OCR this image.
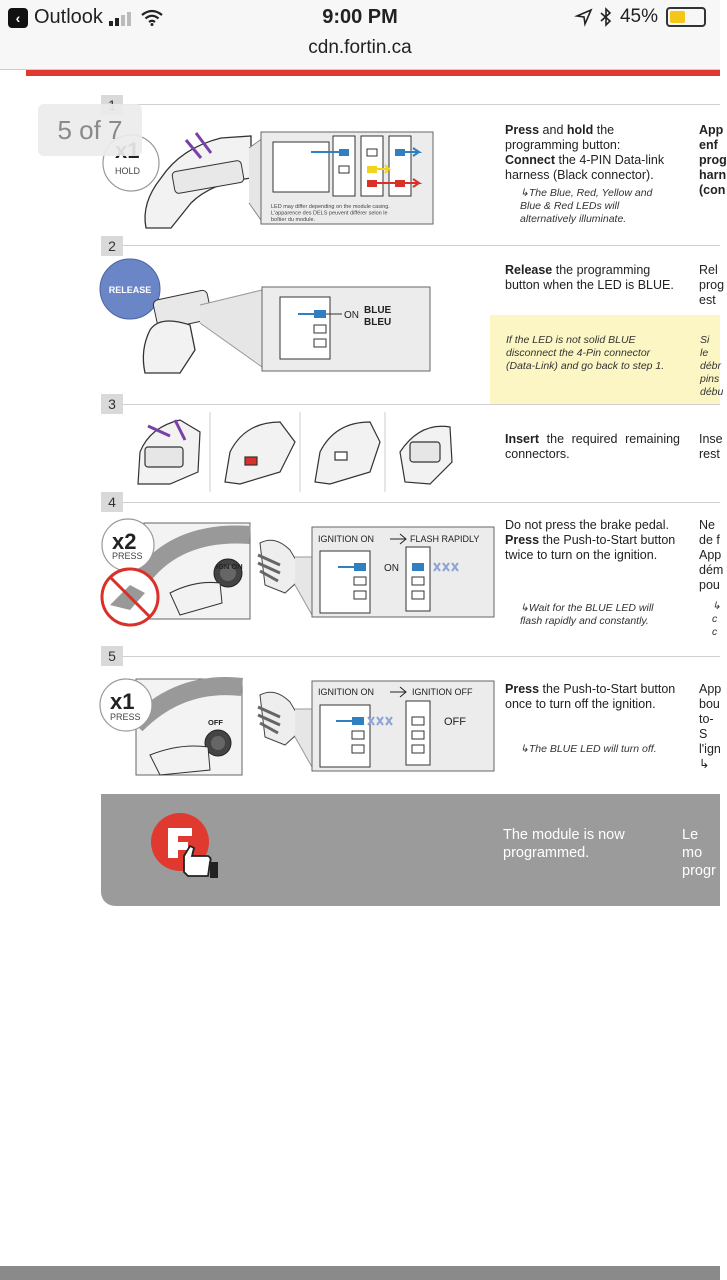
‹ Outlook	9:00 PM	45%
cdn.fortin.ca
LED may differ depending on the module casing. L'apparence des DELS peuvent différer selon le boîtier du module.
HOLD
Press and hold the programming button:
Connect the 4-PIN Data-link harness (Black connector).
↳The Blue, Red, Yellow and Blue & Red LEDs will alternatively illuminate.
App
enf
prog
harn
(con
2
RELEASE
ON BLUE
BLEU
Release the programming button when the LED is BLUE.
Rel
prog
est
If the LED is not solid BLUE disconnect the 4-Pin connector (Data-Link) and go back to step 1.
Si le
débr
pins
débu
3
Insert the required remaining connectors.
Inse
rest
4
x2
PRESS
IGN ON
IGNITION ON	FLASH RAPIDLY
ON
Do not press the brake pedal.
Press the Push-to-Start button twice to turn on the ignition.
↳Wait for the BLUE LED will flash rapidly and constantly.
Ne
de f
App
dém
pou
↳
c
c
5
x1
PRESS
OFF
IGNITION ON	IGNITION OFF
OFF
Press the Push-to-Start button once to turn off the ignition.
↳The BLUE LED will turn off.
App
bou
to-S
l'ign
↳
The module is now programmed.
Le mo
progr
5 of 7
